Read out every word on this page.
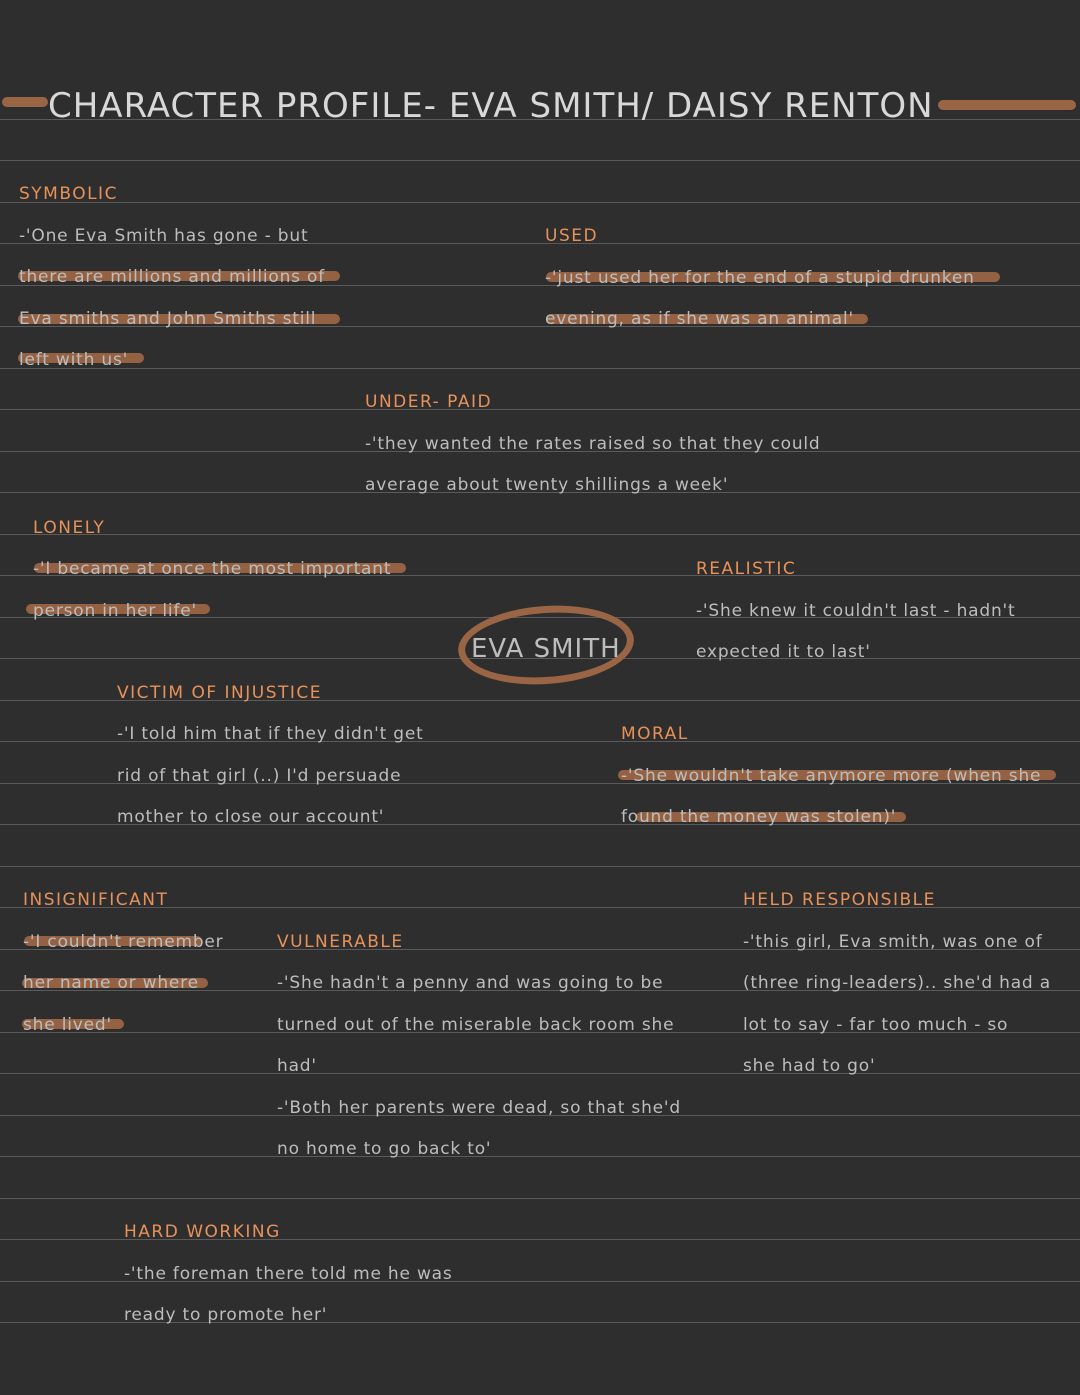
CHARACTER PROFILE- EVA SMITH/ DAISY RENTON
SYMBOLIC
-'One Eva Smith has gone - but
there are millions and millions of
Eva smiths and John Smiths still
left with us'
USED
-'just used her for the end of a stupid drunken
evening, as if she was an animal'
UNDER- PAID
-'they wanted the rates raised so that they could
average about twenty shillings a week'
LONELY
-'I became at once the most important
person in her life'
REALISTIC
-'She knew it couldn't last - hadn't
expected it to last'
EVA SMITH
VICTIM OF INJUSTICE
-'I told him that if they didn't get
rid of that girl (..) I'd persuade
mother to close our account'
MORAL
-'She wouldn't take anymore more (when she
found the money was stolen)'
INSIGNIFICANT
-'I couldn't remember
her name or where
she lived'
VULNERABLE
-'She hadn't a penny and was going to be
turned out of the miserable back room she
had'
-'Both her parents were dead, so that she'd
no home to go back to'
HELD RESPONSIBLE
-'this girl, Eva smith, was one of
(three ring-leaders).. she'd had a
lot to say - far too much - so
she had to go'
HARD WORKING
-'the foreman there told me he was
ready to promote her'
